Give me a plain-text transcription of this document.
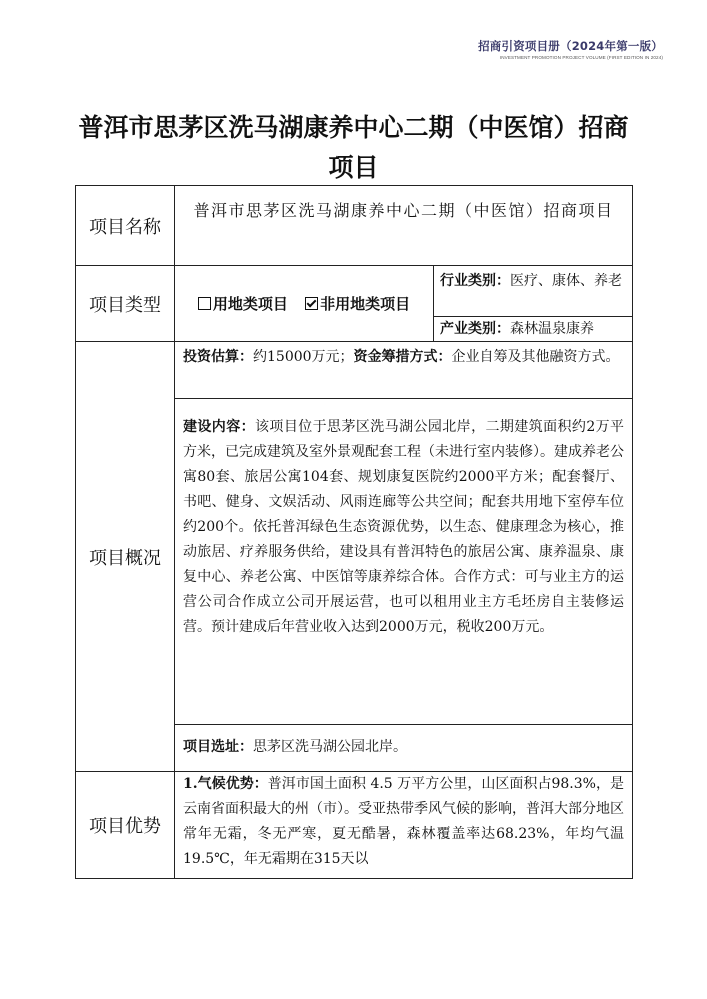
招商引资项目册（2024年第一版）
INVESTMENT PROMOTION PROJECT VOLUME (FIRST EDITION IN 2024)
普洱市思茅区洗马湖康养中心二期（中医馆）招商项目
项目名称	普洱市思茅区洗马湖康养中心二期（中医馆）招商项目	

项目类型	用地类项目 非用地类项目	行业类别：医疗、康体、养老

		产业类别：森林温泉康养

项目概况	投资估算：约15000万元；资金筹措方式：企业自筹及其他融资方式。	

	建设内容：该项目位于思茅区洗马湖公园北岸，二期建筑面积约2万平方米，已完成建筑及室外景观配套工程（未进行室内装修）。建成养老公寓80套、旅居公寓104套、规划康复医院约2000平方米；配套餐厅、书吧、健身、文娱活动、风雨连廊等公共空间；配套共用地下室停车位约200个。依托普洱绿色生态资源优势，以生态、健康理念为核心，推动旅居、疗养服务供给，建设具有普洱特色的旅居公寓、康养温泉、康复中心、养老公寓、中医馆等康养综合体。合作方式：可与业主方的运营公司合作成立公司开展运营，也可以租用业主方毛坯房自主装修运营。预计建成后年营业收入达到2000万元，税收200万元。	

	项目选址：思茅区洗马湖公园北岸。	

项目优势	1.气候优势：普洱市国土面积 4.5 万平方公里，山区面积占98.3%，是云南省面积最大的州（市）。受亚热带季风气候的影响，普洱大部分地区常年无霜，冬无严寒，夏无酷暑，森林覆盖率达68.23%，年均气温19.5℃，年无霜期在315天以	
